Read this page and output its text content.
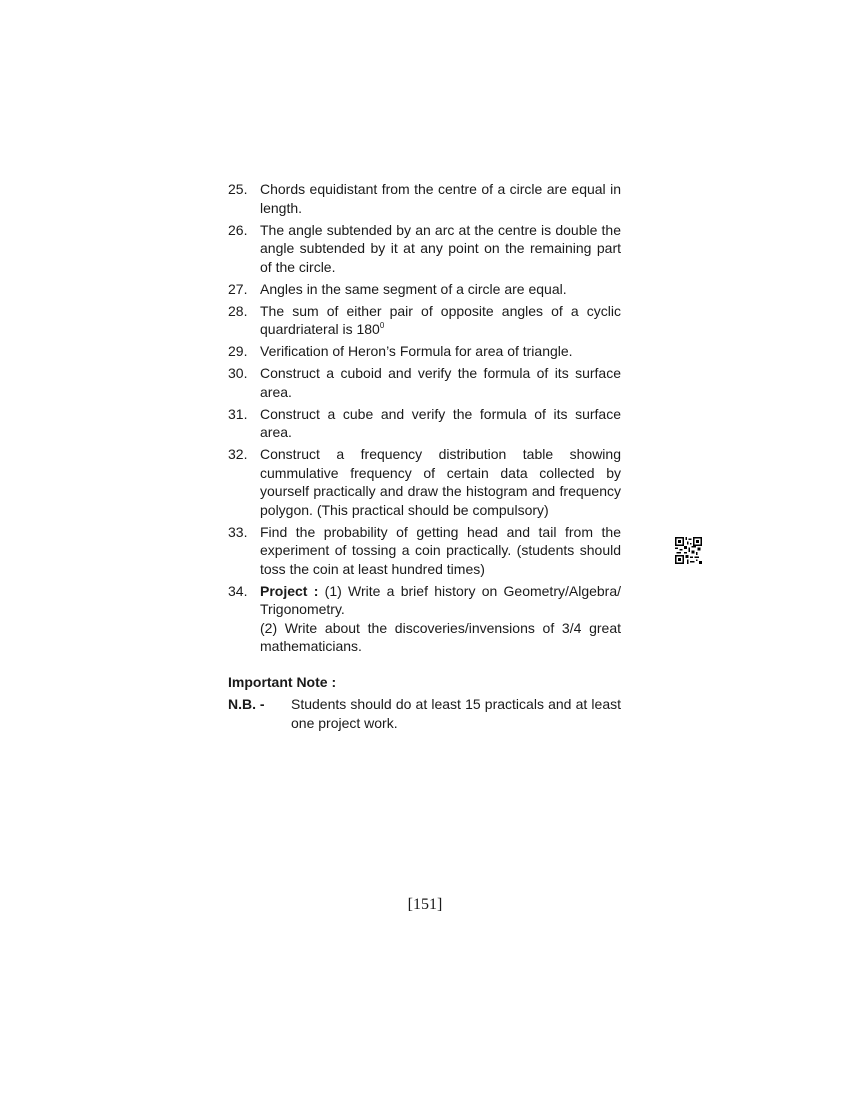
25. Chords equidistant from the centre of a circle are equal in length.
26. The angle subtended by an arc at the centre is double the angle subtended by it at any point on the remaining part of the circle.
27. Angles in the same segment of a circle are equal.
28. The sum of either pair of opposite angles of a cyclic quardriateral is $180^0$
29. Verification of Heron’s Formula for area of triangle.
30. Construct a cuboid and verify the formula of its surface area.
31. Construct a cube and verify the formula of its surface area.
32. Construct a frequency distribution table showing cummulative frequency of certain data collected by yourself practically and draw the histogram and frequency polygon. (This practical should be compulsory)
33. Find the probability of getting head and tail from the experiment of tossing a coin practically. (students should toss the coin at least hundred times)
34. Project : (1) Write a brief history on Geometry/Algebra/ Trigonometry.

(2) Write about the discoveries/invensions of 3/4 great mathematicians.

Important Note :
N.B. -	Students should do at least 15 practicals and at least one project work.
[151]
